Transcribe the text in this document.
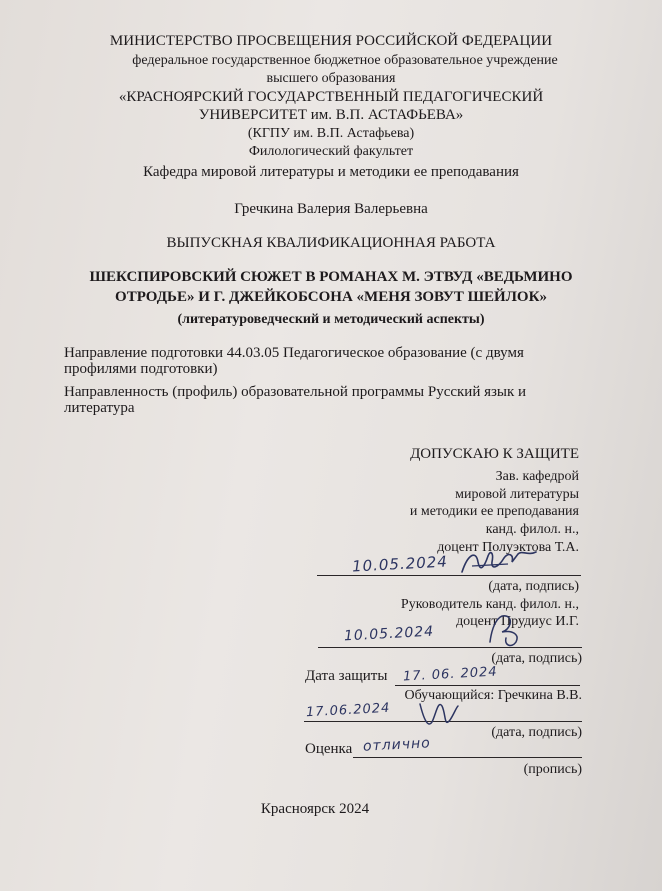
МИНИСТЕРСТВО ПРОСВЕЩЕНИЯ РОССИЙСКОЙ ФЕДЕРАЦИИ
федеральное государственное бюджетное образовательное учреждение
высшего образования
«КРАСНОЯРСКИЙ ГОСУДАРСТВЕННЫЙ ПЕДАГОГИЧЕСКИЙ
УНИВЕРСИТЕТ им. В.П. АСТАФЬЕВА»
(КГПУ им. В.П. Астафьева)
Филологический факультет
Кафедра мировой литературы и методики ее преподавания
Гречкина Валерия Валерьевна
ВЫПУСКНАЯ КВАЛИФИКАЦИОННАЯ РАБОТА
ШЕКСПИРОВСКИЙ СЮЖЕТ В РОМАНАХ М. ЭТВУД «ВЕДЬМИНО
ОТРОДЬЕ» И Г. ДЖЕЙКОБСОНА «МЕНЯ ЗОВУТ ШЕЙЛОК»
(литературоведческий и методический аспекты)
Направление подготовки 44.03.05 Педагогическое образование (с двумя
профилями подготовки)
Направленность (профиль) образовательной программы Русский язык и
литература
ДОПУСКАЮ К ЗАЩИТЕ
Зав. кафедрой
мировой литературы
и методики ее преподавания
канд. филол. н.,
доцент Полуэктова Т.А.
10.05.2024
(дата, подпись)
Руководитель канд. филол. н.,
доцент Прудиус И.Г.
10.05.2024
(дата, подпись)
Дата защиты 17. 06. 2024
Обучающийся: Гречкина В.В.
17.06.2024
(дата, подпись)
Оценка отлично
(пропись)
Красноярск 2024
